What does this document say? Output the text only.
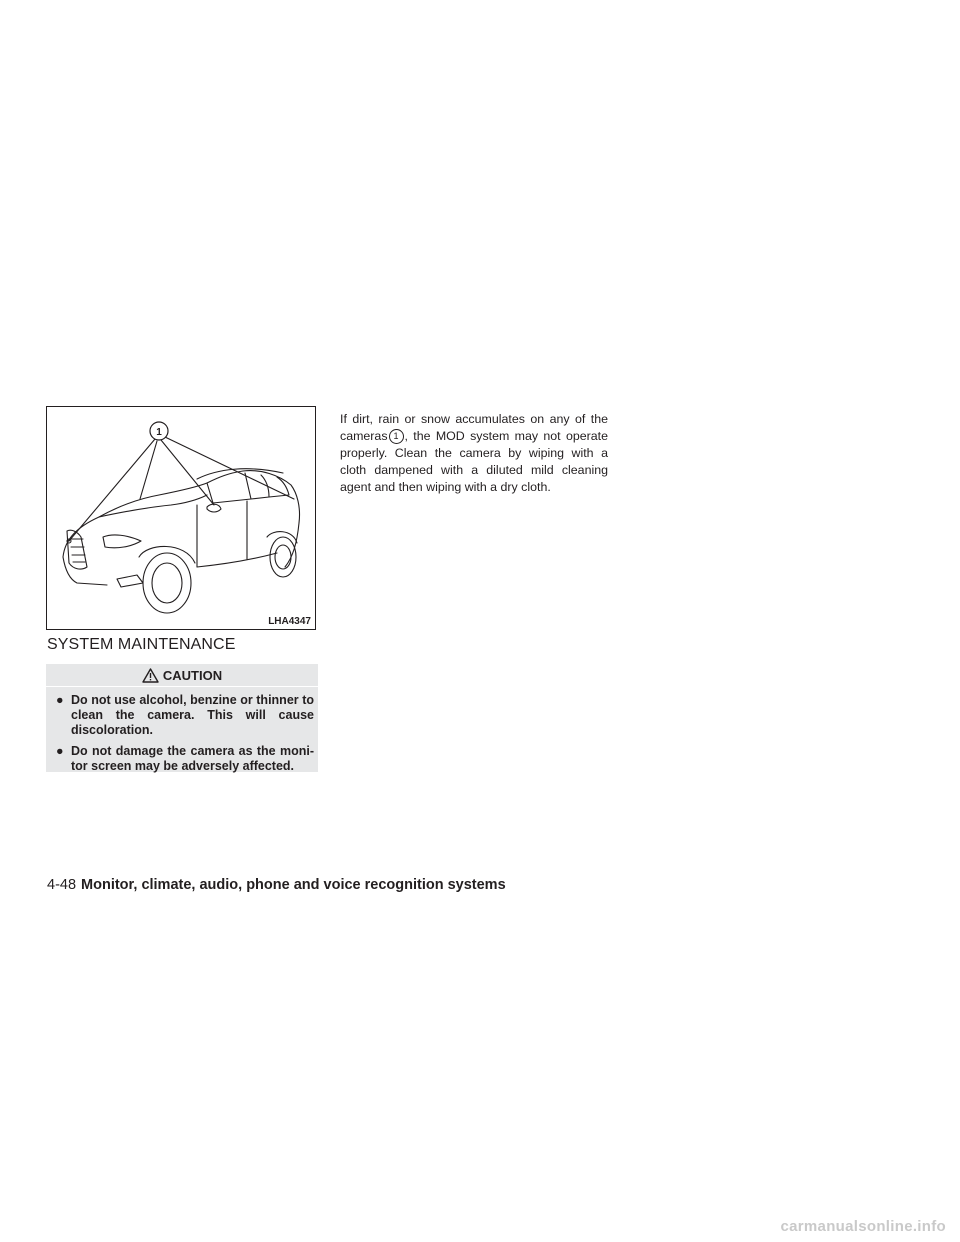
1
LHA4347
SYSTEM MAINTENANCE
CAUTION
● Do not use alcohol, benzine or thinner to clean the camera. This will cause discoloration.
● Do not damage the camera as the moni-tor screen may be adversely affected.

If dirt, rain or snow accumulates on any of the cameras 1 , the MOD system may not operate properly. Clean the camera by wiping with a cloth dampened with a diluted mild cleaning agent and then wiping with a dry cloth.

4-48 Monitor, climate, audio, phone and voice recognition systems
carmanualsonline.info
